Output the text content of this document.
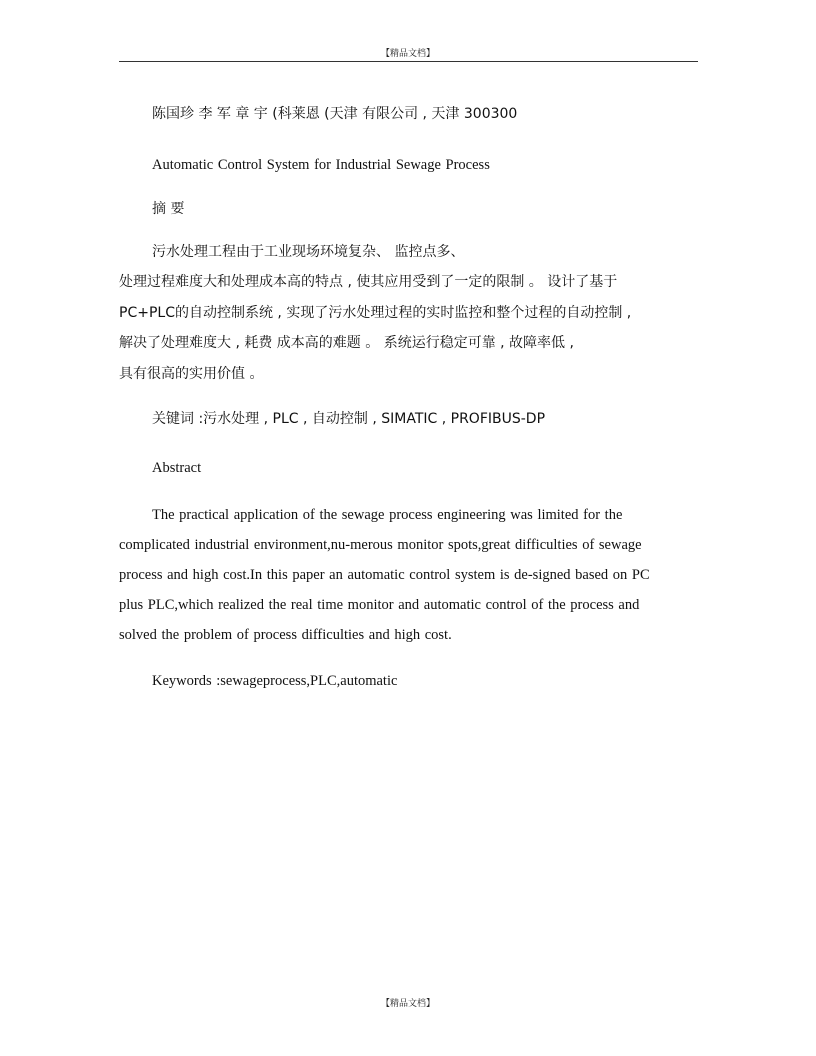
【精品文档】
陈国珍 李 军 章 宇 (科莱恩 (天津 有限公司 , 天津 300300
Automatic Control System for Industrial Sewage Process
摘 要
污水处理工程由于工业现场环境复杂、 监控点多、
处理过程难度大和处理成本高的特点 , 使其应用受到了一定的限制 。 设计了基于
PC+PLC的自动控制系统 , 实现了污水处理过程的实时监控和整个过程的自动控制 ,
解决了处理难度大 , 耗费 成本高的难题 。 系统运行稳定可靠 , 故障率低 ,
具有很高的实用价值 。
关键词 :污水处理 , PLC , 自动控制 , SIMATIC , PROFIBUS-DP
Abstract
The practical application of the sewage process engineering was limited for the
complicated industrial environment,nu-merous monitor spots,great difficulties of sewage
process and high cost.In this paper an automatic control system is de-signed based on PC
plus PLC,which realized the real time monitor and automatic control of the process and
solved the problem of process difficulties and high cost.
Keywords :sewageprocess,PLC,automatic
【精品文档】
